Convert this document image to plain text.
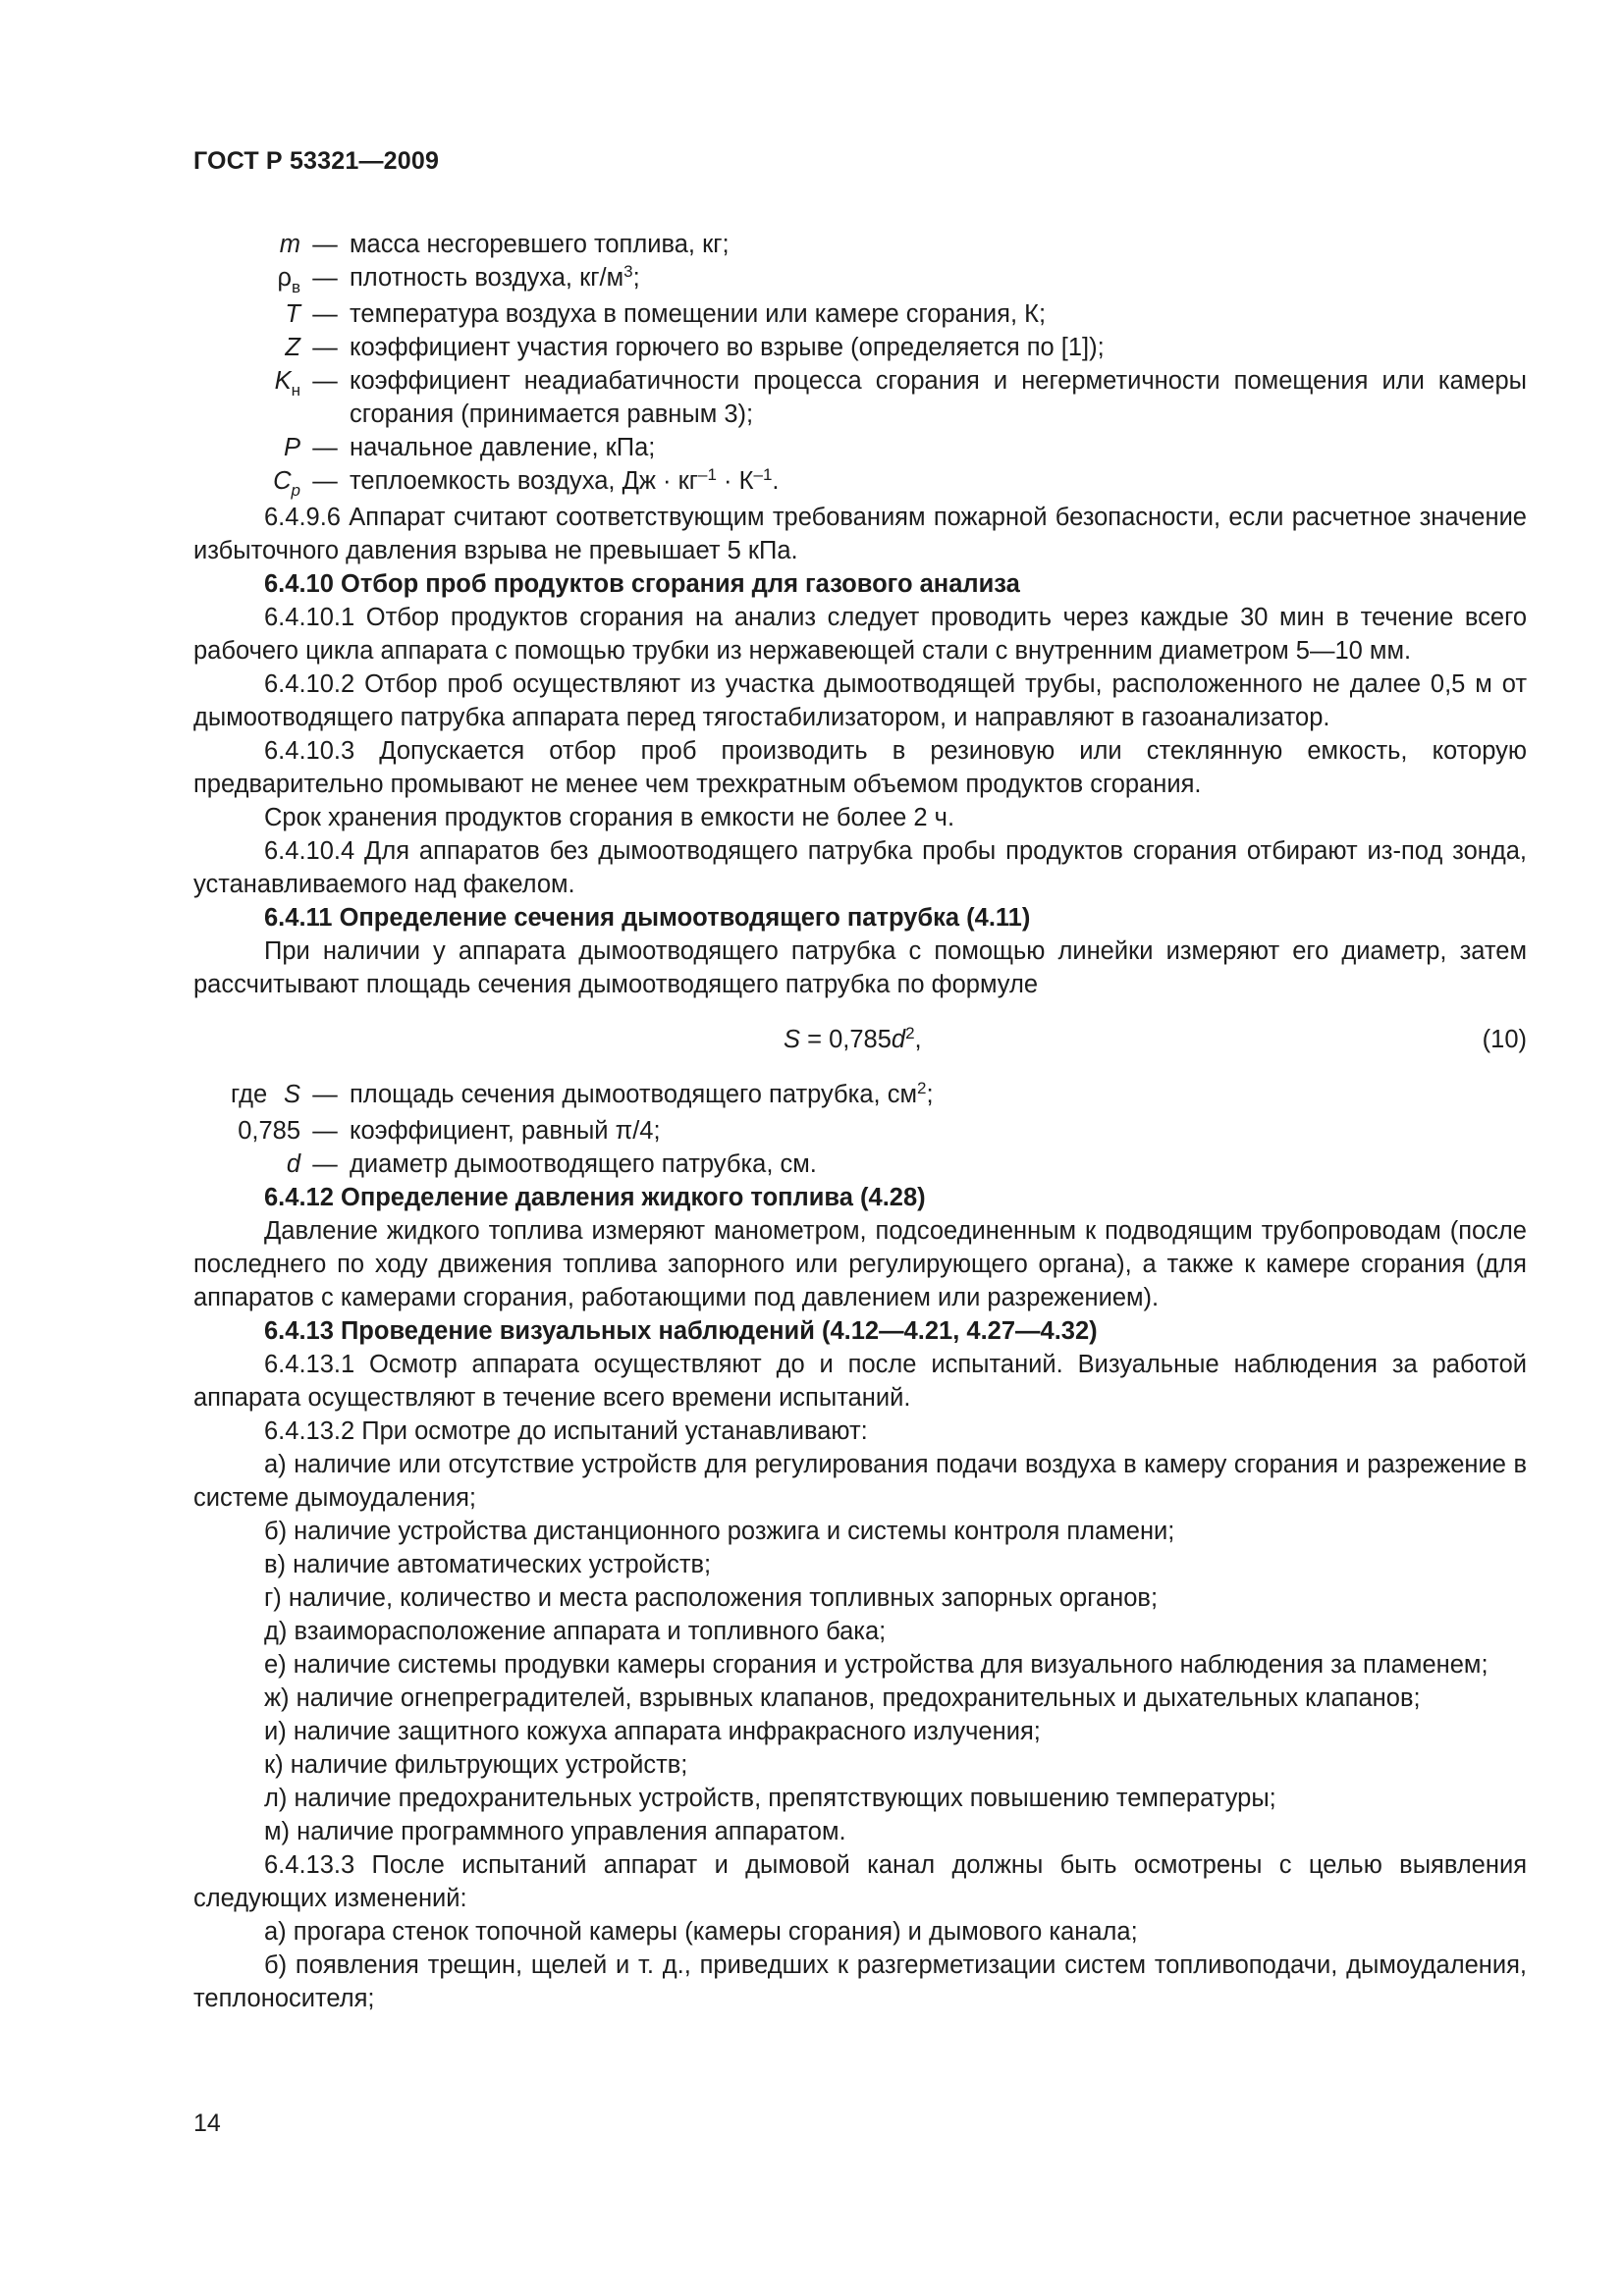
ГОСТ Р 53321—2009
m — масса несгоревшего топлива, кг;
$\rho_в$ — плотность воздуха, $кг/м^3$;
T — температура воздуха в помещении или камере сгорания, К;
Z — коэффициент участия горючего во взрыве (определяется по [1]);
$K_н$ — коэффициент неадиабатичности процесса сгорания и негерметичности помещения или камеры сгорания (принимается равным 3);
P — начальное давление, кПа;
$C_p$ — теплоемкость воздуха, Дж · $кг^{-1} \cdot К^{-1}$.

6.4.9.6 Аппарат считают соответствующим требованиям пожарной безопасности, если расчетное значение избыточного давления взрыва не превышает 5 кПа.

6.4.10 Отбор проб продуктов сгорания для газового анализа

6.4.10.1 Отбор продуктов сгорания на анализ следует проводить через каждые 30 мин в течение всего рабочего цикла аппарата с помощью трубки из нержавеющей стали с внутренним диаметром 5—10 мм.

6.4.10.2 Отбор проб осуществляют из участка дымоотводящей трубы, расположенного не далее 0,5 м от дымоотводящего патрубка аппарата перед тягостабилизатором, и направляют в газоанализатор.

6.4.10.3 Допускается отбор проб производить в резиновую или стеклянную емкость, которую предварительно промывают не менее чем трехкратным объемом продуктов сгорания.

Срок хранения продуктов сгорания в емкости не более 2 ч.

6.4.10.4 Для аппаратов без дымоотводящего патрубка пробы продуктов сгорания отбирают из-под зонда, устанавливаемого над факелом.

6.4.11 Определение сечения дымоотводящего патрубка (4.11)

При наличии у аппарата дымоотводящего патрубка с помощью линейки измеряют его диаметр, затем рассчитывают площадь сечения дымоотводящего патрубка по формуле

$S = 0,785d^2$,	(10)
где S — площадь сечения дымоотводящего патрубка, $см^2$;
0,785 — коэффициент, равный π/4;
d — диаметр дымоотводящего патрубка, см.

6.4.12 Определение давления жидкого топлива (4.28)

Давление жидкого топлива измеряют манометром, подсоединенным к подводящим трубопроводам (после последнего по ходу движения топлива запорного или регулирующего органа), а также к камере сгорания (для аппаратов с камерами сгорания, работающими под давлением или разрежением).

6.4.13 Проведение визуальных наблюдений (4.12—4.21, 4.27—4.32)

6.4.13.1 Осмотр аппарата осуществляют до и после испытаний. Визуальные наблюдения за работой аппарата осуществляют в течение всего времени испытаний.

6.4.13.2 При осмотре до испытаний устанавливают:

а) наличие или отсутствие устройств для регулирования подачи воздуха в камеру сгорания и разрежение в системе дымоудаления;

б) наличие устройства дистанционного розжига и системы контроля пламени;

в) наличие автоматических устройств;

г) наличие, количество и места расположения топливных запорных органов;

д) взаиморасположение аппарата и топливного бака;

е) наличие системы продувки камеры сгорания и устройства для визуального наблюдения за пламенем;

ж) наличие огнепреградителей, взрывных клапанов, предохранительных и дыхательных клапанов;

и) наличие защитного кожуха аппарата инфракрасного излучения;

к) наличие фильтрующих устройств;

л) наличие предохранительных устройств, препятствующих повышению температуры;

м) наличие программного управления аппаратом.

6.4.13.3 После испытаний аппарат и дымовой канал должны быть осмотрены с целью выявления следующих изменений:

а) прогара стенок топочной камеры (камеры сгорания) и дымового канала;

б) появления трещин, щелей и т. д., приведших к разгерметизации систем топливоподачи, дымоудаления, теплоносителя;

14
